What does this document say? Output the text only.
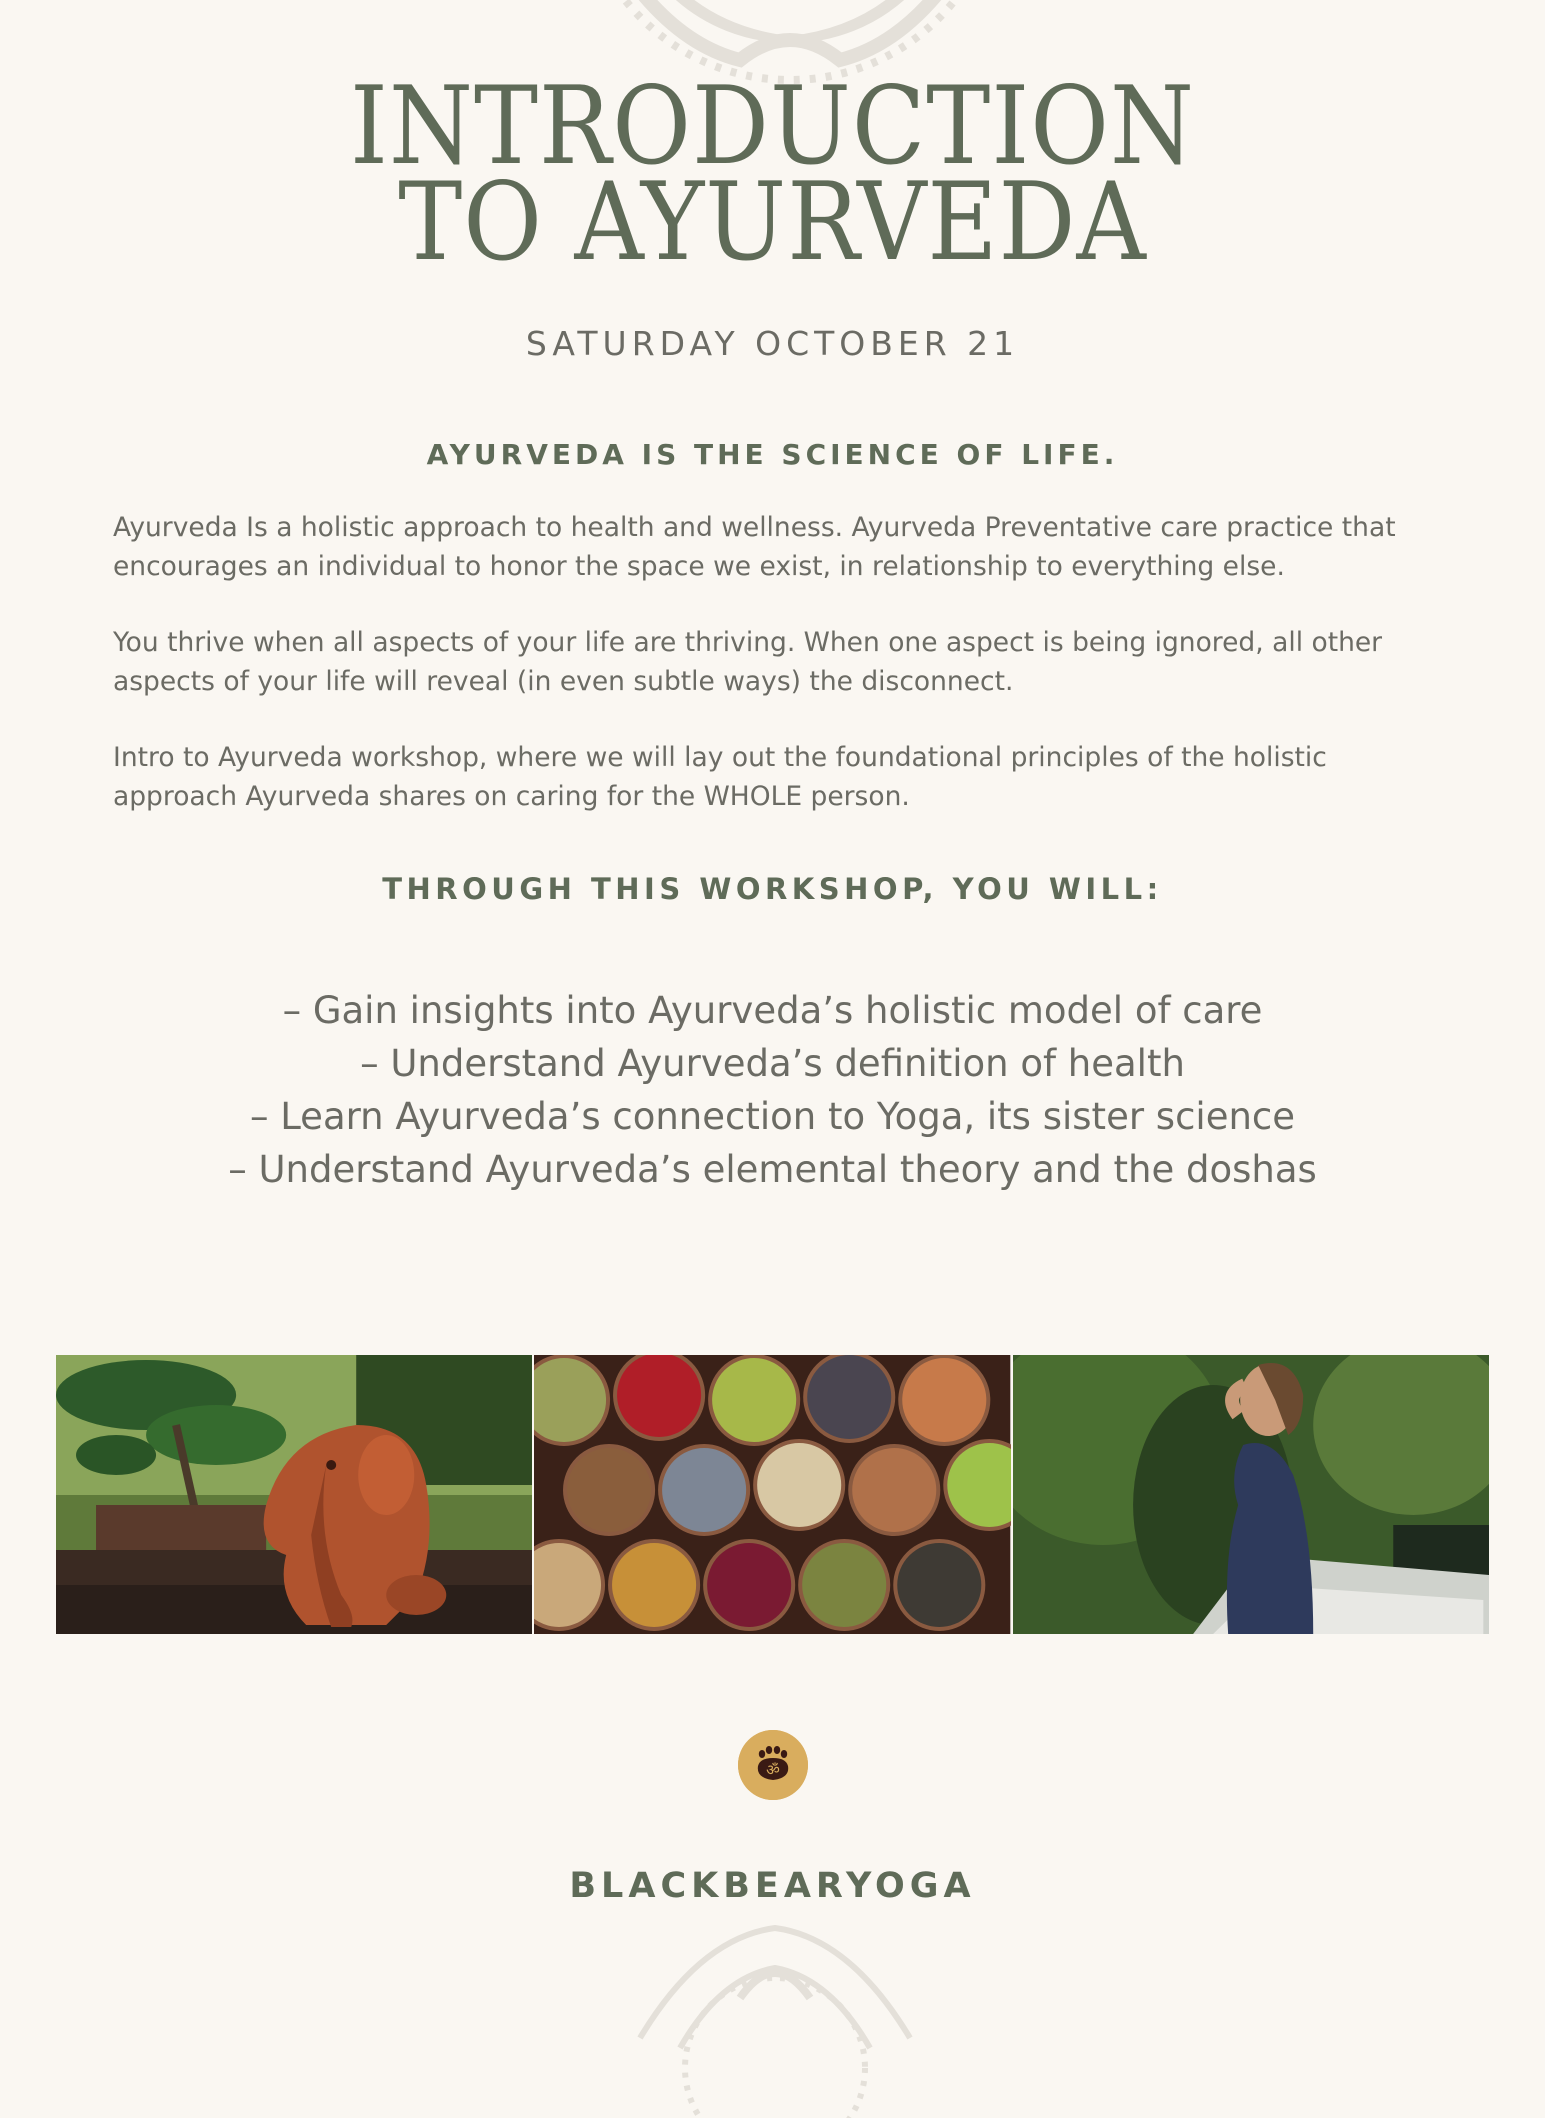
INTRODUCTION
TO AYURVEDA
SATURDAY OCTOBER 21
AYURVEDA IS THE SCIENCE OF LIFE.

Ayurveda Is a holistic approach to health and wellness. Ayurveda Preventative care practice that encourages an individual to honor the space we exist, in relationship to everything else.

You thrive when all aspects of your life are thriving. When one aspect is being ignored, all other aspects of your life will reveal (in even subtle ways) the disconnect.

Intro to Ayurveda workshop, where we will lay out the foundational principles of the holistic approach Ayurveda shares on caring for the WHOLE person.

THROUGH THIS WORKSHOP, YOU WILL:
– Gain insights into Ayurveda’s holistic model of care
– Understand Ayurveda’s definition of health
– Learn Ayurveda’s connection to Yoga, its sister science
– Understand Ayurveda’s elemental theory and the doshas
ॐ
BLACKBEARYOGA
